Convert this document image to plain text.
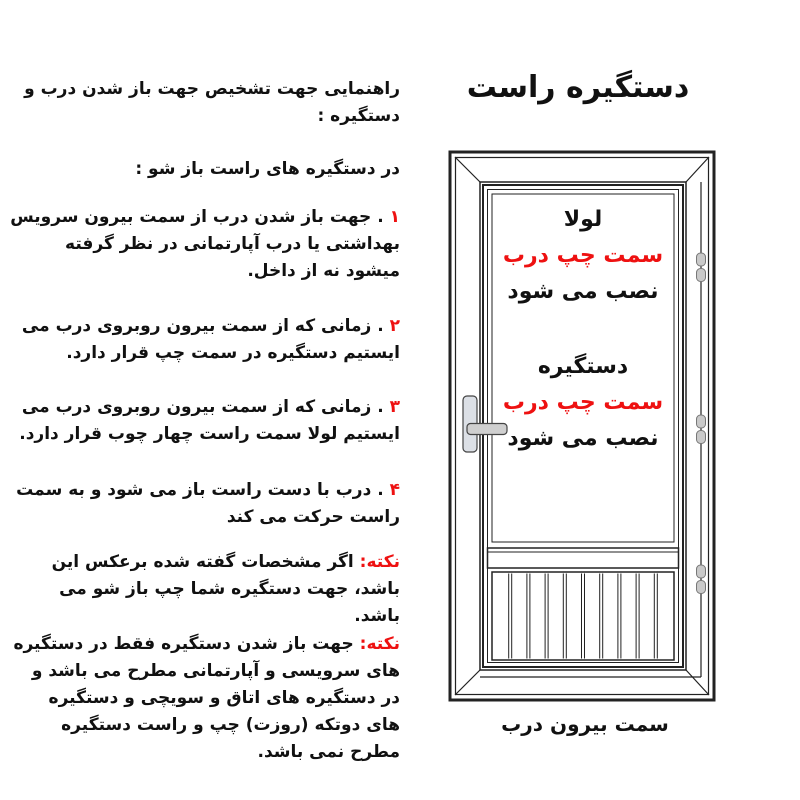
دستگیره راست

راهنمایی جهت تشخیص جهت باز شدن درب و دستگیره :

در دستگیره های راست باز شو :

۱ . جهت باز شدن درب از سمت بیرون سرویس بهداشتی یا درب آپارتمانی در نظر گرفته میشود نه از داخل.

۲ . زمانی که از سمت بیرون روبروی درب می ایستیم دستگیره در سمت چپ قرار دارد.

۳ . زمانی که از سمت بیرون روبروی درب می ایستیم لولا سمت راست چهار چوب قرار دارد.

۴ . درب با دست راست باز می شود و به سمت راست حرکت می کند

نکته: اگر مشخصات گفته شده برعکس این باشد، جهت دستگیره شما چپ باز شو می باشد.

نکته: جهت باز شدن دستگیره فقط در دستگیره های سرویسی و آپارتمانی مطرح می باشد و در دستگیره های اتاق و سویچی و دستگیره های دوتکه (روزت) چپ و راست دستگیره مطرح نمی باشد.

لولا
سمت چپ درب
نصب می شود
دستگیره
سمت چپ درب
نصب می شود
سمت بیرون درب
